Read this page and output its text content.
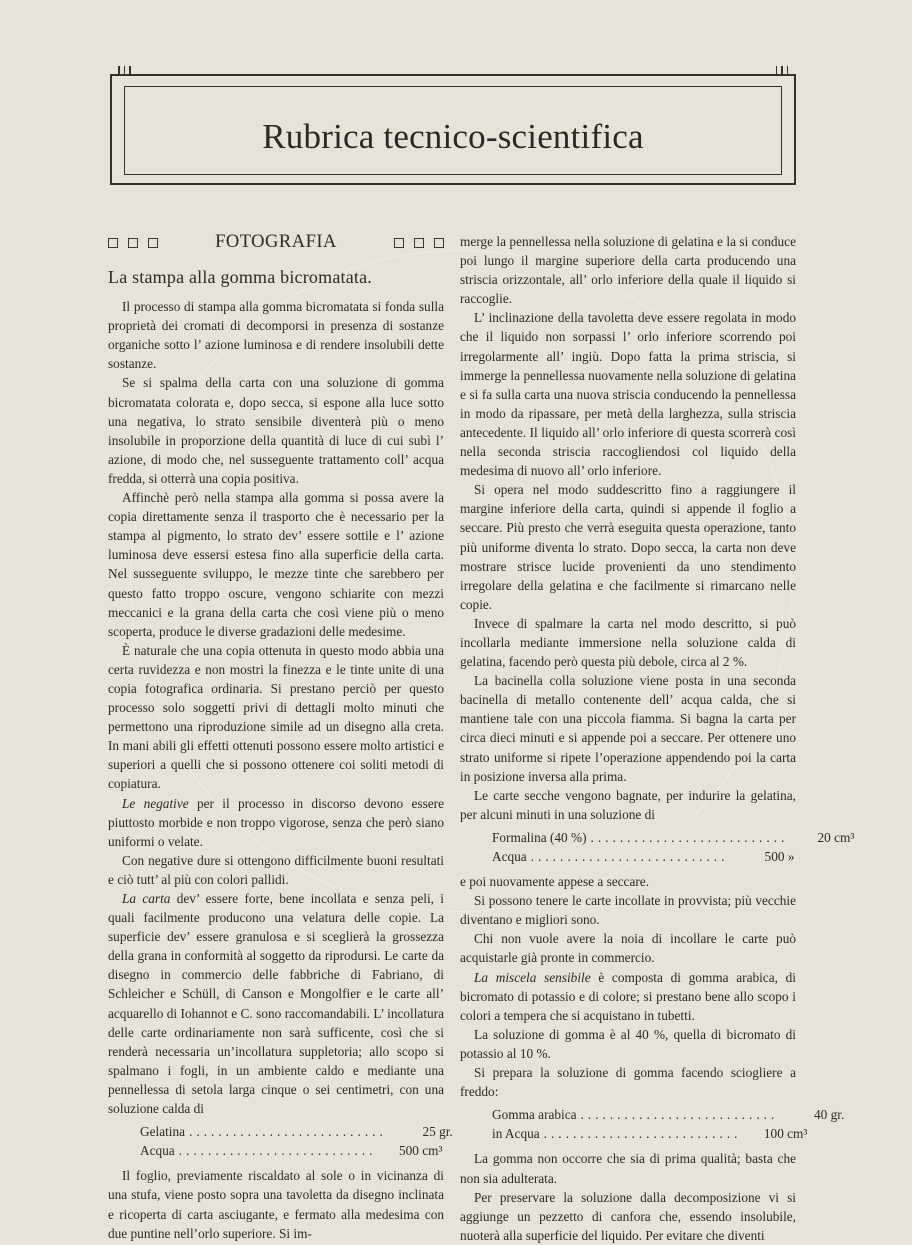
Rubrica tecnico-scientifica
FOTOGRAFIA
La stampa alla gomma bicromatata.

Il processo di stampa alla gomma bicromatata si fonda sulla proprietà dei cromati di decomporsi in presenza di sostanze organiche sotto l’ azione luminosa e di rendere insolubili dette sostanze.

Se si spalma della carta con una soluzione di gomma bicromatata colorata e, dopo secca, si espone alla luce sotto una negativa, lo strato sensibile diventerà più o meno insolubile in proporzione della quantità di luce di cui subì l’ azione, di modo che, nel susseguente trattamento coll’ acqua fredda, si otterrà una copia positiva.

Affinchè però nella stampa alla gomma si possa avere la copia direttamente senza il trasporto che è necessario per la stampa al pigmento, lo strato dev’ essere sottile e l’ azione luminosa deve essersi estesa fino alla superficie della carta. Nel susseguente sviluppo, le mezze tinte che sarebbero per questo fatto troppo oscure, vengono schiarite con mezzi meccanici e la grana della carta che così viene più o meno scoperta, produce le diverse gradazioni delle medesime.

È naturale che una copia ottenuta in questo modo abbia una certa ruvidezza e non mostri la finezza e le tinte unite di una copia fotografica ordinaria. Si prestano perciò per questo processo solo soggetti privi di dettagli molto minuti che permettono una riproduzione simile ad un disegno alla creta. In mani abili gli effetti ottenuti possono essere molto artistici e superiori a quelli che si possono ottenere coi soliti metodi di copiatura.

Le negative per il processo in discorso devono essere piuttosto morbide e non troppo vigorose, senza che però siano uniformi o velate.

Con negative dure si ottengono difficilmente buoni resultati e ciò tutt’ al più con colori pallidi.

La carta dev’ essere forte, bene incollata e senza peli, i quali facilmente producono una velatura delle copie. La superficie dev’ essere granulosa e si sceglierà la grossezza della grana in conformità al soggetto da riprodursi. Le carte da disegno in commercio delle fabbriche di Fabriano, di Schleicher e Schüll, di Canson e Mongolfier e le carte all’ acquarello di Iohannot e C. sono raccomandabili. L’ incollatura delle carte ordinariamente non sarà sufficente, così che si renderà necessaria un’incollatura suppletoria; allo scopo si spalmano i fogli, in un ambiente caldo e mediante una pennellessa di setola larga cinque o sei centimetri, con una soluzione calda di

Gelatina ...........................	25 gr.
Acqua ...........................	500 cm³

Il foglio, previamente riscaldato al sole o in vicinanza di una stufa, viene posto sopra una tavoletta da disegno inclinata e ricoperta di carta asciugante, e fermato alla medesima con due puntine nell’orlo superiore. Si im-

merge la pennellessa nella soluzione di gelatina e la si conduce poi lungo il margine superiore della carta producendo una striscia orizzontale, all’ orlo inferiore della quale il liquido si raccoglie.

L’ inclinazione della tavoletta deve essere regolata in modo che il liquido non sorpassi l’ orlo inferiore scorrendo poi irregolarmente all’ ingiù. Dopo fatta la prima striscia, si immerge la pennellessa nuovamente nella soluzione di gelatina e si fa sulla carta una nuova striscia conducendo la pennellessa in modo da ripassare, per metà della larghezza, sulla striscia antecedente. Il liquido all’ orlo inferiore di questa scorrerà così nella seconda striscia raccogliendosi col liquido della medesima di nuovo all’ orlo inferiore.

Si opera nel modo suddescritto fino a raggiungere il margine inferiore della carta, quindi si appende il foglio a seccare. Più presto che verrà eseguita questa operazione, tanto più uniforme diventa lo strato. Dopo secca, la carta non deve mostrare strisce lucide provenienti da uno stendimento irregolare della gelatina e che facilmente si rimarcano nelle copie.

Invece di spalmare la carta nel modo descritto, si può incollarla mediante immersione nella soluzione calda di gelatina, facendo però questa più debole, circa al 2 %.

La bacinella colla soluzione viene posta in una seconda bacinella di metallo contenente dell’ acqua calda, che si mantiene tale con una piccola fiamma. Si bagna la carta per circa dieci minuti e si appende poi a seccare. Per ottenere uno strato uniforme si ripete l’operazione appendendo poi la carta in posizione inversa alla prima.

Le carte secche vengono bagnate, per indurire la gelatina, per alcuni minuti in una soluzione di

Formalina (40 %) ...........................	20 cm³
Acqua ...........................	500 »

e poi nuovamente appese a seccare.

Si possono tenere le carte incollate in provvista; più vecchie diventano e migliori sono.

Chi non vuole avere la noia di incollare le carte può acquistarle già pronte in commercio.

La miscela sensibile è composta di gomma arabica, di bicromato di potassio e di colore; si prestano bene allo scopo i colori a tempera che si acquistano in tubetti.

La soluzione di gomma è al 40 %, quella di bicromato di potassio al 10 %.

Si prepara la soluzione di gomma facendo sciogliere a freddo:

Gomma arabica ...........................	40 gr.
in Acqua ...........................	100 cm³

La gomma non occorre che sia di prima qualità; basta che non sia adulterata.

Per preservare la soluzione dalla decomposizione vi si aggiunge un pezzetto di canfora che, essendo insolubile, nuoterà alla superficie del liquido. Per evitare che diventi
